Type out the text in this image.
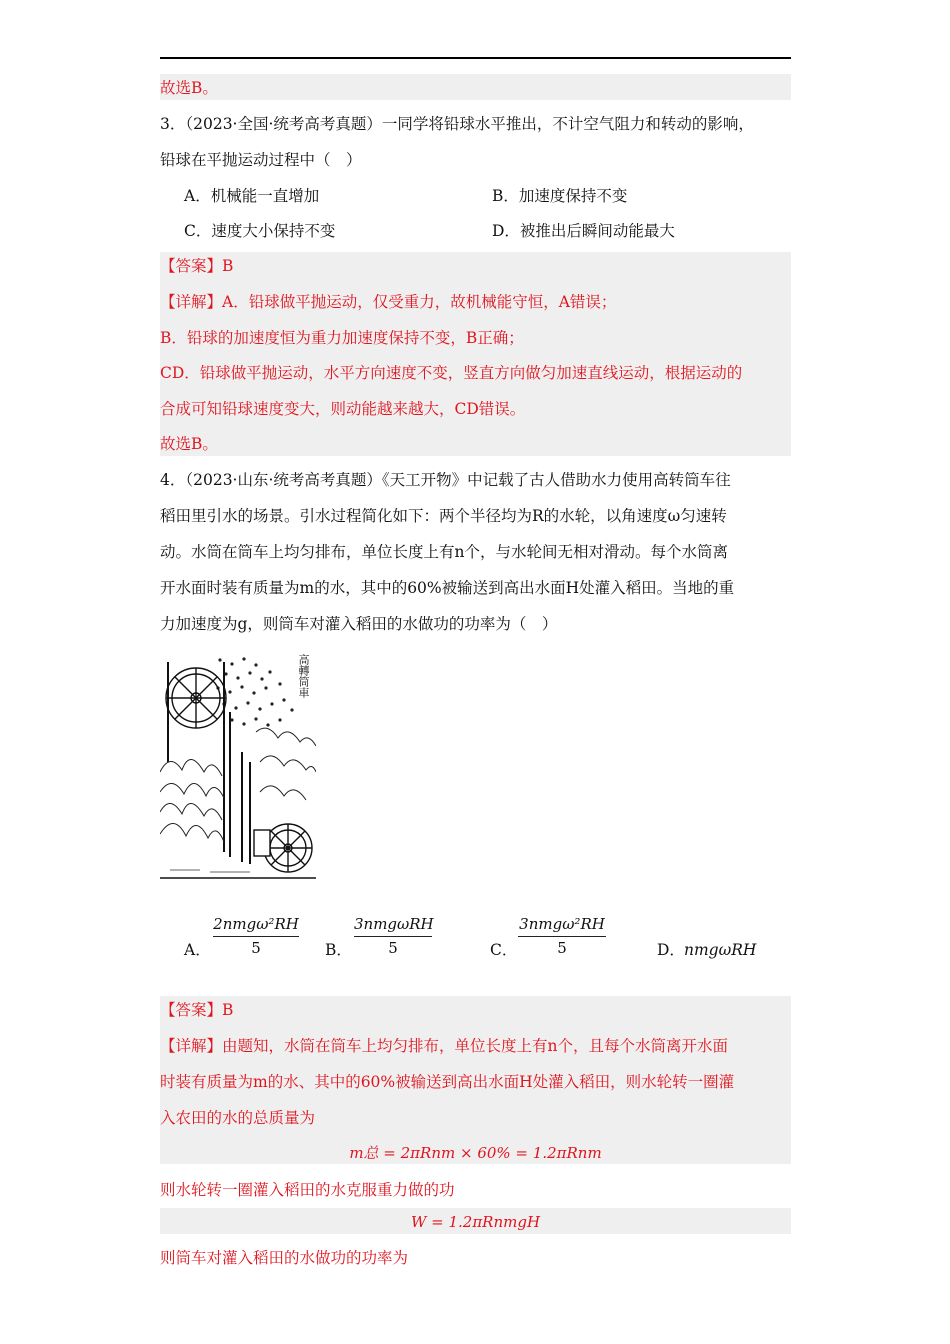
故选B。
3．（2023·全国·统考高考真题）一同学将铅球水平推出，不计空气阻力和转动的影响，
铅球在平抛运动过程中（　）
A．机械能一直增加	B．加速度保持不变
C．速度大小保持不变	D．被推出后瞬间动能最大
【答案】B
【详解】A．铅球做平抛运动，仅受重力，故机械能守恒，A错误；
B．铅球的加速度恒为重力加速度保持不变，B正确；
CD．铅球做平抛运动，水平方向速度不变，竖直方向做匀加速直线运动，根据运动的
合成可知铅球速度变大，则动能越来越大，CD错误。
故选B。
4．（2023·山东·统考高考真题）《天工开物》中记载了古人借助水力使用高转筒车往
稻田里引水的场景。引水过程简化如下：两个半径均为R的水轮，以角速度ω匀速转
动。水筒在筒车上均匀排布，单位长度上有n个，与水轮间无相对滑动。每个水筒离
开水面时装有质量为m的水，其中的60%被输送到高出水面H处灌入稻田。当地的重
力加速度为g，则筒车对灌入稻田的水做功的功率为（　）
高轉筒車
A．
2nmgω²RH
5	B．
3nmgωRH
5	C．
3nmgω²RH
5	D． nmgωRH
【答案】B
【详解】由题知，水筒在筒车上均匀排布，单位长度上有n个，且每个水筒离开水面
时装有质量为m的水、其中的60%被输送到高出水面H处灌入稻田，则水轮转一圈灌
入农田的水的总质量为
m总 = 2πRnm × 60% = 1.2πRnm
则水轮转一圈灌入稻田的水克服重力做的功
W = 1.2πRnmgH
则筒车对灌入稻田的水做功的功率为
